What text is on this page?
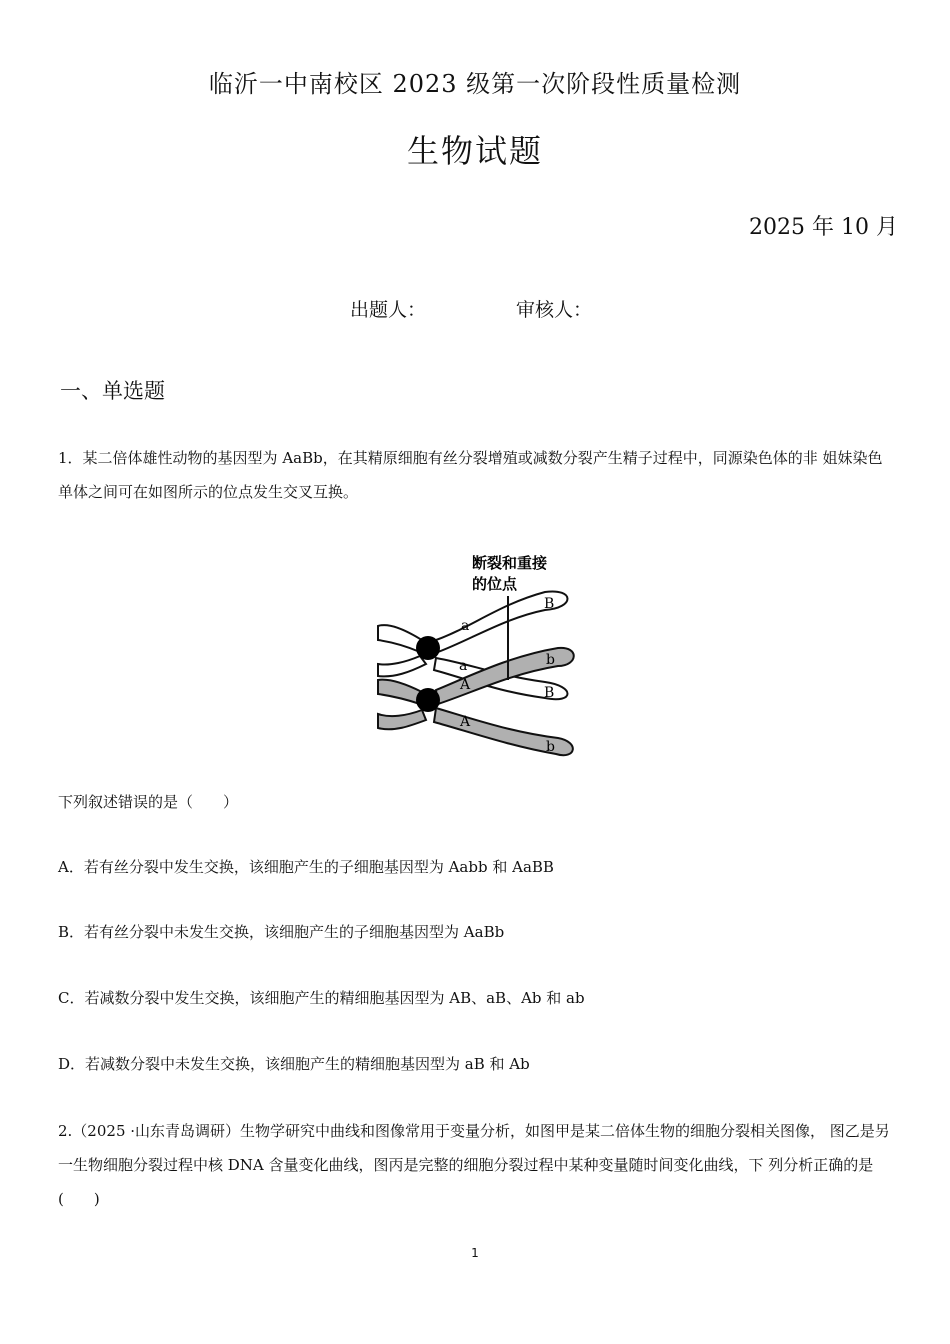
临沂一中南校区 2023 级第一次阶段性质量检测
生物试题
2025 年 10 月
出题人：	审核人：
一、单选题
1．某二倍体雄性动物的基因型为 AaBb，在其精原细胞有丝分裂增殖或减数分裂产生精子过程中，同源染色体的非 姐妹染色单体之间可在如图所示的位点发生交叉互换。
断裂和重接
的位点
a
a
A
A
B
b
B
b
下列叙述错误的是（　　）
A．若有丝分裂中发生交换，该细胞产生的子细胞基因型为 Aabb 和 AaBB
B．若有丝分裂中未发生交换，该细胞产生的子细胞基因型为 AaBb
C．若减数分裂中发生交换，该细胞产生的精细胞基因型为 AB、aB、Ab 和 ab
D．若减数分裂中未发生交换，该细胞产生的精细胞基因型为 aB 和 Ab
2.（2025 ·山东青岛调研）生物学研究中曲线和图像常用于变量分析，如图甲是某二倍体生物的细胞分裂相关图像， 图乙是另一生物细胞分裂过程中核 DNA 含量变化曲线，图丙是完整的细胞分裂过程中某种变量随时间变化曲线，下 列分析正确的是(　　)
1
